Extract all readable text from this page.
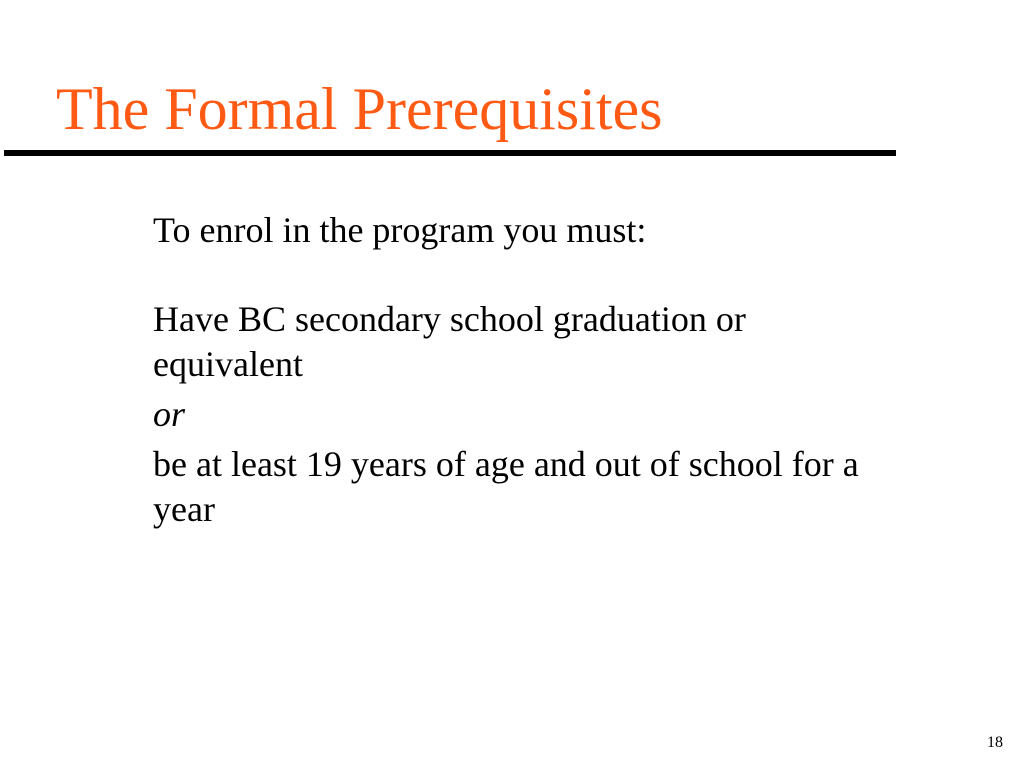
The Formal Prerequisites

To enrol in the program you must:

Have BC secondary school graduation or equivalent

or

be at least 19 years of age and out of school for a year

18
